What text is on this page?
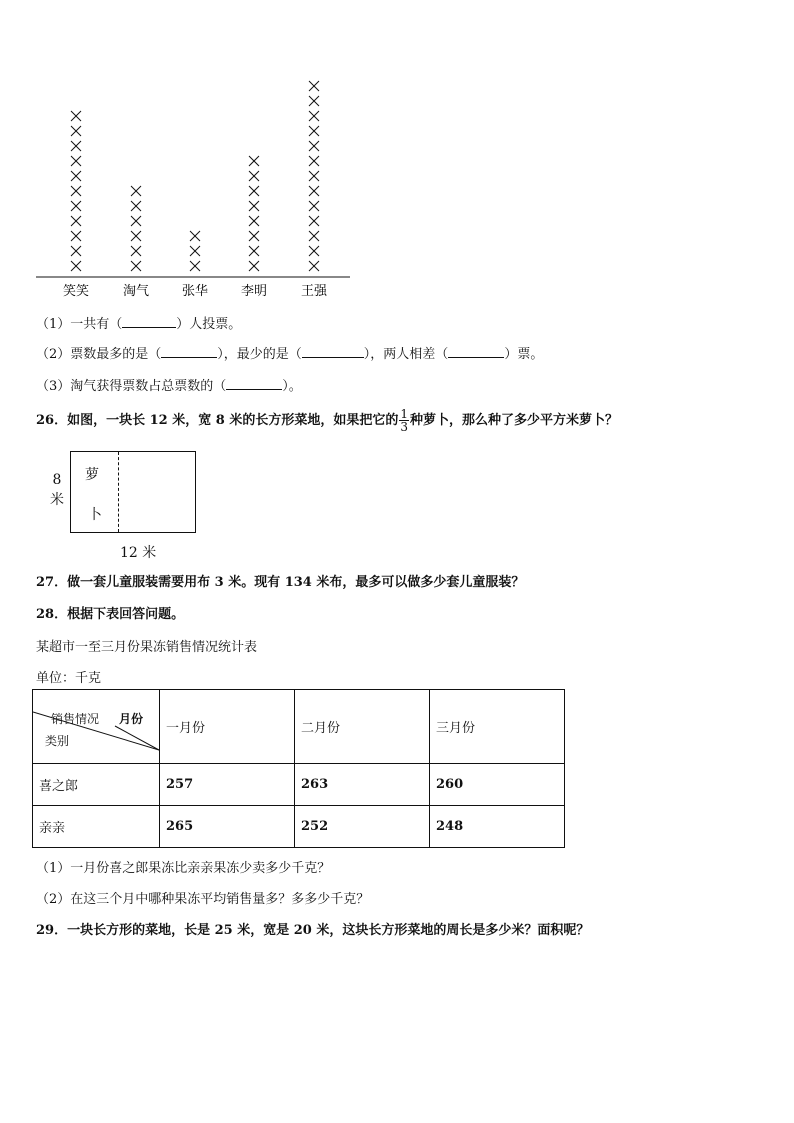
笑笑	淘气	张华	李明	王强
（1）一共有（	）人投票。
（2）票数最多的是（	），最少的是（	），两人相差（	）票。
（3）淘气获得票数占总票数的（	）。
26．如图，一块长 12 米，宽 8 米的长方形菜地，如果把它的 $\frac{1}{3}$ 种萝卜，那么种了多少平方米萝卜？
8
米
萝
卜
12 米
27．做一套儿童服装需要用布 3 米。现有 134 米布，最多可以做多少套儿童服装？
28．根据下表回答问题。
某超市一至三月份果冻销售情况统计表
单位：千克
销售情况 月份
类别	一月份	二月份	三月份
喜之郎	257	263	260
亲亲	265	252	248
（1）一月份喜之郎果冻比亲亲果冻少卖多少千克？
（2）在这三个月中哪种果冻平均销售量多？多多少千克？
29．一块长方形的菜地，长是 25 米，宽是 20 米，这块长方形菜地的周长是多少米？面积呢？
